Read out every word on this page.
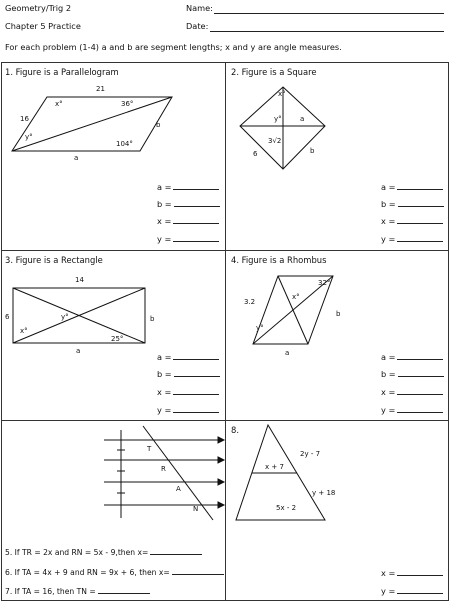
Geometry/Trig 2
Chapter 5 Practice
Name:
Date:
For each problem (1-4) a and b are segment lengths; x and y are angle measures.
1. Figure is a Parallelogram
21
16
a
b
x°	36°
y°
104°
a =
b =
x =
y =
2. Figure is a Square
x°
y°	a
3√2
6	b
a =
b =
x =
y =
3. Figure is a Rectangle
14
6	b
a
x°
y°
25°
a =
b =
x =
y =
4. Figure is a Rhombus
32°
3.2
x°
y°
b
a	a =
b =
x =
y =
T
R
A
N
5. If TR = 2x and RN = 5x - 9,then x=
6. If TA = 4x + 9 and RN = 9x + 6, then x=
7. If TA = 16, then TN =
8.
2y - 7
x + 7
y + 18
5x - 2
x =
y =
